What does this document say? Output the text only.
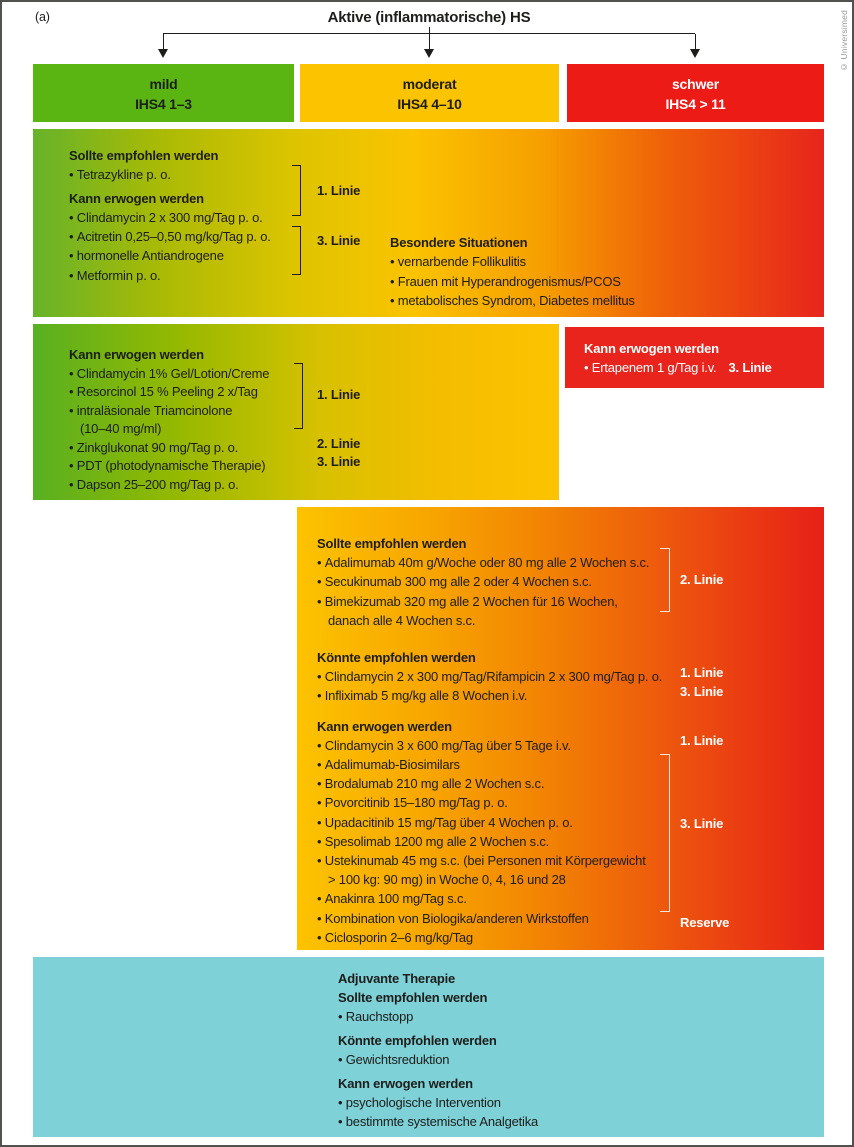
(a)	Aktive (inflammatorische) HS	© Universimed
mild
IHS4 1–3
moderat
IHS4 4–10
schwer
IHS4 > 11
Sollte empfohlen werden
• Tetrazykline p. o.
Kann erwogen werden
• Clindamycin 2 x 300 mg/Tag p. o.
• Acitretin 0,25–0,50 mg/kg/Tag p. o.
• hormonelle Antiandrogene
• Metformin p. o.
1. Linie
3. Linie Besondere Situationen
• vernarbende Follikulitis
• Frauen mit Hyperandrogenismus/PCOS
• metabolisches Syndrom, Diabetes mellitus
Kann erwogen werden
• Clindamycin 1% Gel/Lotion/Creme
• Resorcinol 15 % Peeling 2 x/Tag
• intraläsionale Triamcinolone
(10–40 mg/ml)
• Zinkglukonat 90 mg/Tag p. o.
• PDT (photodynamische Therapie)
• Dapson 25–200 mg/Tag p. o.
1. Linie
2. Linie
3. Linie
Kann erwogen werden
• Ertapenem 1 g/Tag i.v. 3. Linie
Sollte empfohlen werden
• Adalimumab 40m g/Woche oder 80 mg alle 2 Wochen s.c.
• Secukinumab 300 mg alle 2 oder 4 Wochen s.c.
• Bimekizumab 320 mg alle 2 Wochen für 16 Wochen,
danach alle 4 Wochen s.c.
Könnte empfohlen werden
• Clindamycin 2 x 300 mg/Tag/Rifampicin 2 x 300 mg/Tag p. o.
• Infliximab 5 mg/kg alle 8 Wochen i.v.
Kann erwogen werden
• Clindamycin 3 x 600 mg/Tag über 5 Tage i.v.
• Adalimumab-Biosimilars
• Brodalumab 210 mg alle 2 Wochen s.c.
• Povorcitinib 15–180 mg/Tag p. o.
• Upadacitinib 15 mg/Tag über 4 Wochen p. o.
• Spesolimab 1200 mg alle 2 Wochen s.c.
• Ustekinumab 45 mg s.c. (bei Personen mit Körpergewicht
> 100 kg: 90 mg) in Woche 0, 4, 16 und 28
• Anakinra 100 mg/Tag s.c.
• Kombination von Biologika/anderen Wirkstoffen
• Ciclosporin 2–6 mg/kg/Tag
2. Linie
1. Linie
3. Linie
1. Linie
3. Linie
Reserve
Adjuvante Therapie
Sollte empfohlen werden
• Rauchstopp
Könnte empfohlen werden
• Gewichtsreduktion
Kann erwogen werden
• psychologische Intervention
• bestimmte systemische Analgetika
